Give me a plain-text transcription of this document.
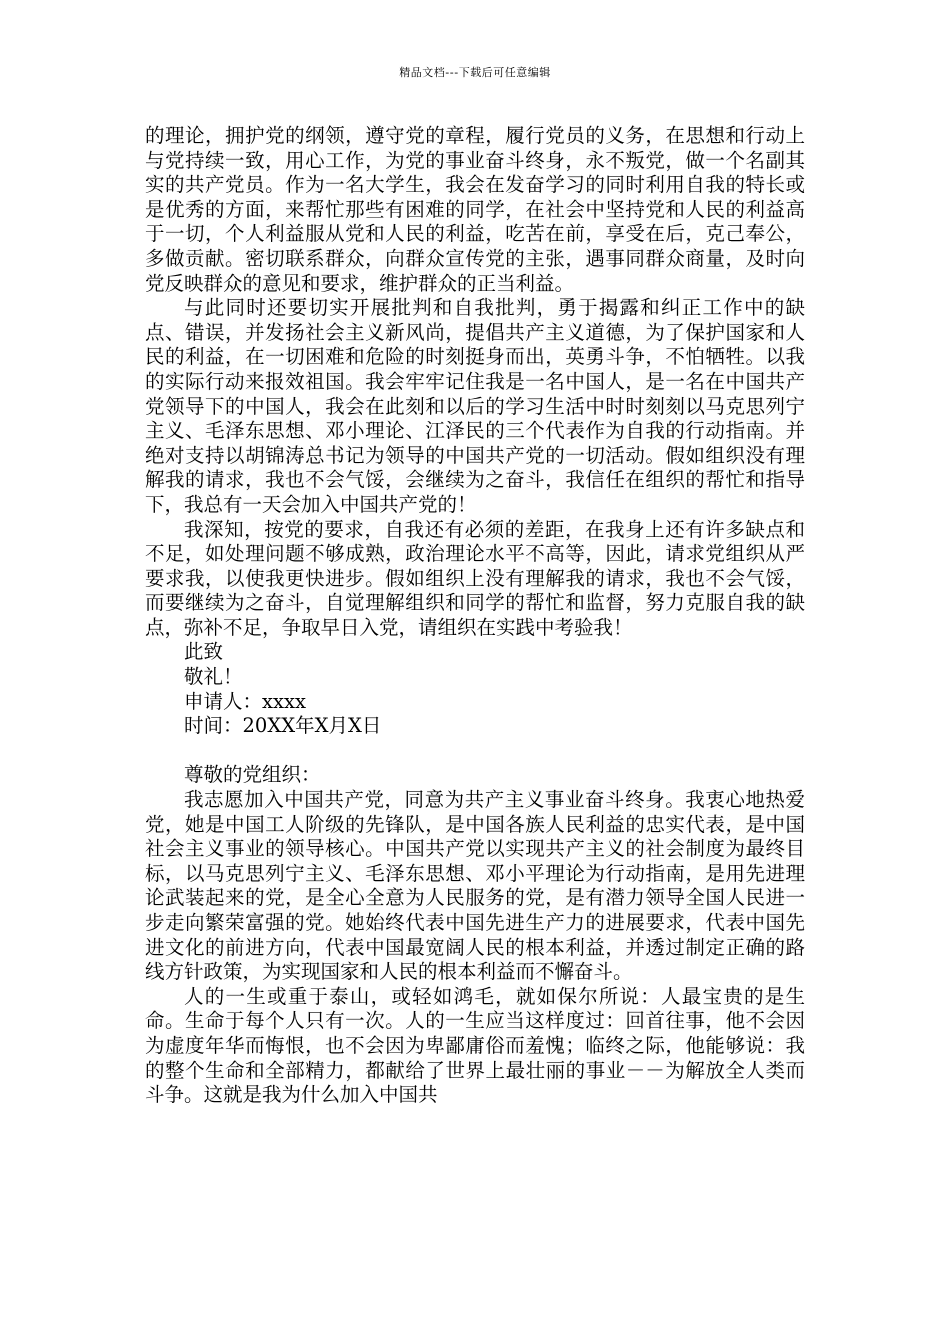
精品文档---下载后可任意编辑

的理论，拥护党的纲领，遵守党的章程，履行党员的义务，在思想和行动上与党持续一致，用心工作，为党的事业奋斗终身，永不叛党，做一个名副其实的共产党员。作为一名大学生，我会在发奋学习的同时利用自我的特长或是优秀的方面，来帮忙那些有困难的同学，在社会中坚持党和人民的利益高于一切，个人利益服从党和人民的利益，吃苦在前，享受在后，克己奉公，多做贡献。密切联系群众，向群众宣传党的主张，遇事同群众商量，及时向党反映群众的意见和要求，维护群众的正当利益。

与此同时还要切实开展批判和自我批判，勇于揭露和纠正工作中的缺点、错误，并发扬社会主义新风尚，提倡共产主义道德，为了保护国家和人民的利益，在一切困难和危险的时刻挺身而出，英勇斗争，不怕牺牲。以我的实际行动来报效祖国。我会牢牢记住我是一名中国人，是一名在中国共产党领导下的中国人，我会在此刻和以后的学习生活中时时刻刻以马克思列宁主义、毛泽东思想、邓小理论、江泽民的三个代表作为自我的行动指南。并绝对支持以胡锦涛总书记为领导的中国共产党的一切活动。假如组织没有理解我的请求，我也不会气馁，会继续为之奋斗，我信任在组织的帮忙和指导下，我总有一天会加入中国共产党的！

我深知，按党的要求，自我还有必须的差距，在我身上还有许多缺点和不足，如处理问题不够成熟，政治理论水平不高等，因此，请求党组织从严要求我，以使我更快进步。假如组织上没有理解我的请求，我也不会气馁，而要继续为之奋斗，自觉理解组织和同学的帮忙和监督，努力克服自我的缺点，弥补不足，争取早日入党，请组织在实践中考验我！

此致

敬礼！

申请人：xxxx

时间：20XX年X月X日

尊敬的党组织：

我志愿加入中国共产党，同意为共产主义事业奋斗终身。我衷心地热爱党，她是中国工人阶级的先锋队，是中国各族人民利益的忠实代表，是中国社会主义事业的领导核心。中国共产党以实现共产主义的社会制度为最终目标，以马克思列宁主义、毛泽东思想、邓小平理论为行动指南，是用先进理论武装起来的党，是全心全意为人民服务的党，是有潜力领导全国人民进一步走向繁荣富强的党。她始终代表中国先进生产力的进展要求，代表中国先进文化的前进方向，代表中国最宽阔人民的根本利益，并透过制定正确的路线方针政策，为实现国家和人民的根本利益而不懈奋斗。

人的一生或重于泰山，或轻如鸿毛，就如保尔所说：人最宝贵的是生命。生命于每个人只有一次。人的一生应当这样度过：回首往事，他不会因为虚度年华而悔恨，也不会因为卑鄙庸俗而羞愧；临终之际，他能够说：我的整个生命和全部精力，都献给了世界上最壮丽的事业－－为解放全人类而斗争。这就是我为什么加入中国共
